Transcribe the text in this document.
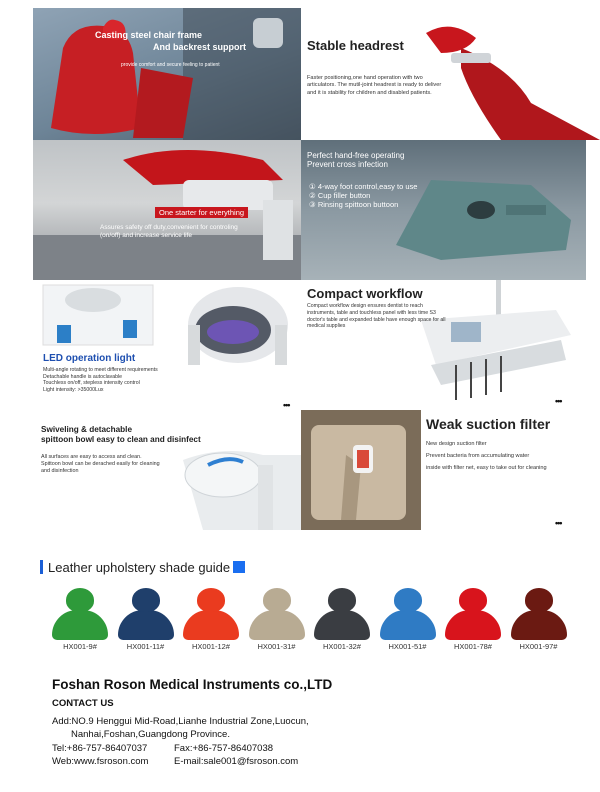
Casting steel chair frame
And backrest support
provide comfort and secure feeling to patient
Stable headrest
Faster positioning,one hand operation with two articulators. The mutil-joint headrest is ready to deliver and it is stability for children and disabled patients.
One starter for everything
Assures safety off duty,convenient for controling (on/off) and increase service life
Perfect hand-free operating
Prevent cross infection
① 4-way foot control,easy to use
② Cup filler button
③ Rinsing spittoon buttoon
LED operation light
Multi-angle rotating to meet different requirements
Detachable handle is autoclavable
Touchless on/off, stepless intensity control
Light intensity: >35000Lux
•••
Compact workflow
Compact workflow design ensures dentist to reach instruments, table and touchless panel with less time S3 doctor's table and expanded table have enough space for all medical supplies
•••
Swiveling & detachable
spittoon bowl easy to clean and disinfect
All surfaces are easy to access and clean. Spittoon bowl can be derached easily for cleaning and disinfection
Weak suction filter
New design suction filter
Prevent bacteria from accumulating water
inside with filter net, easy to take out for cleaning
•••
Leather upholstery shade guide
HX001-9#	HX001-11#	HX001-12#	HX001-31#	HX001-32#	HX001-51#	HX001-78#	HX001-97#
Foshan Roson Medical Instruments co.,LTD
CONTACT US
Add:NO.9 Henggui Mid-Road,Lianhe Industrial Zone,Luocun,
Nanhai,Foshan,Guangdong Province.
Tel:+86-757-86407037	Fax:+86-757-86407038
Web:www.fsroson.com	E-mail:sale001@fsroson.com
